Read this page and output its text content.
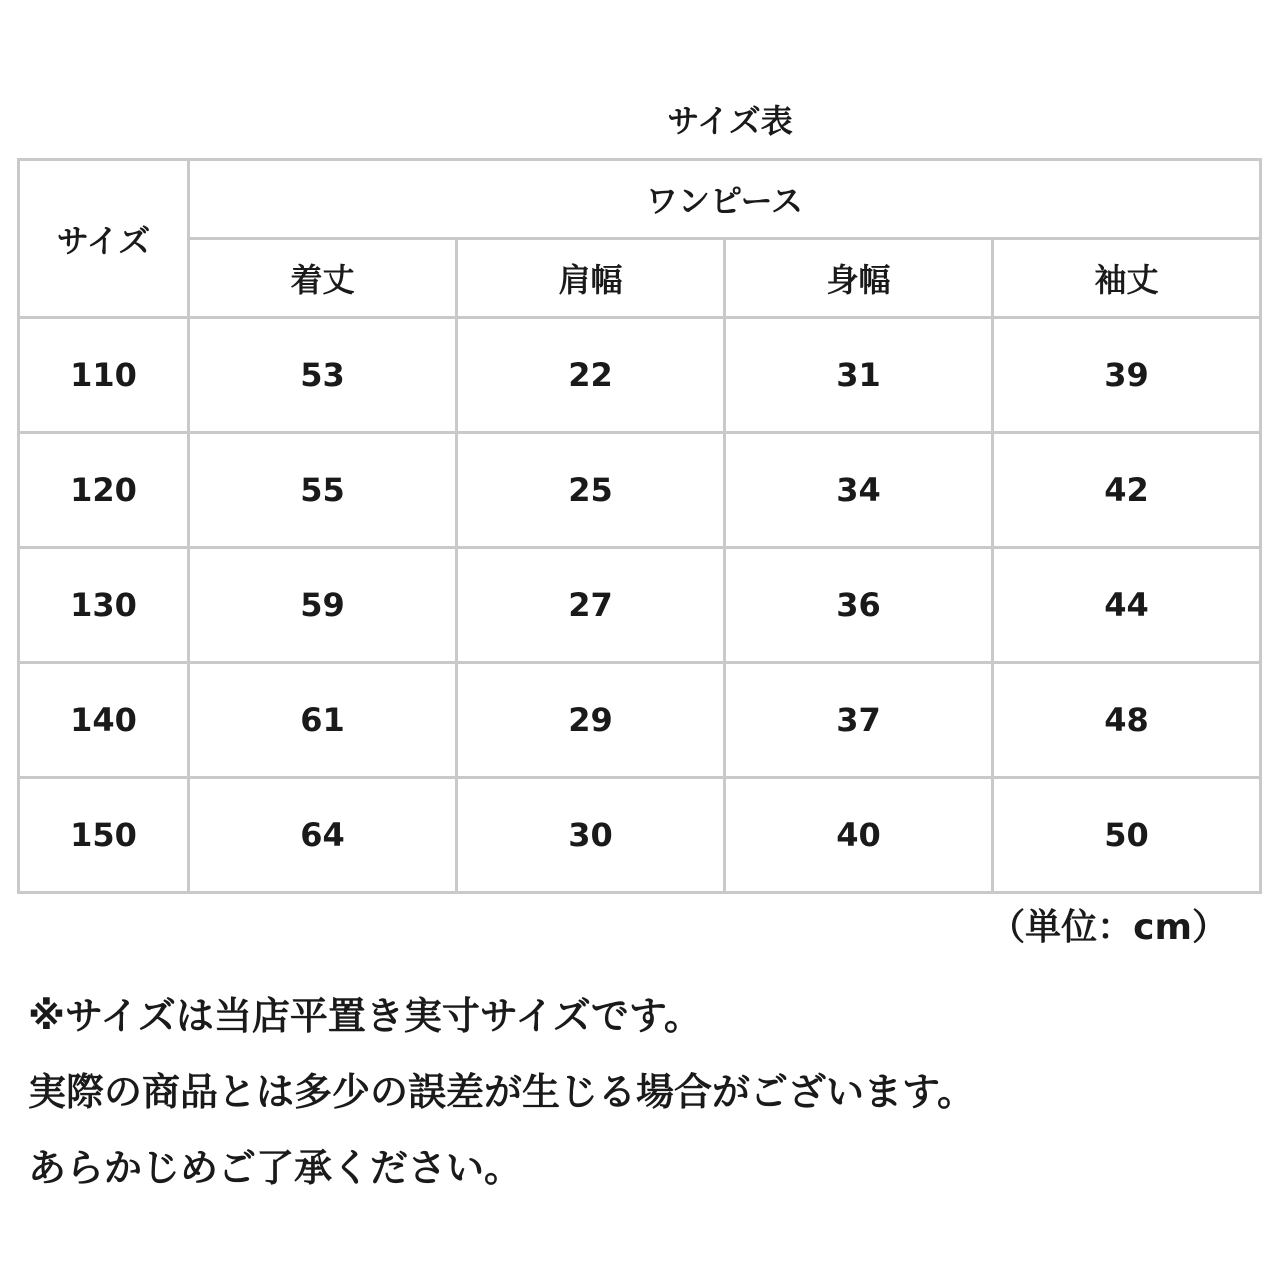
サイズ表
サイズ	ワンピース			
	着丈	肩幅	身幅	袖丈
110	53	22	31	39
120	55	25	34	42
130	59	27	36	44
140	61	29	37	48
150	64	30	40	50
（単位：cm）
※サイズは当店平置き実寸サイズです。
実際の商品とは多少の誤差が生じる場合がございます。
あらかじめご了承ください。
